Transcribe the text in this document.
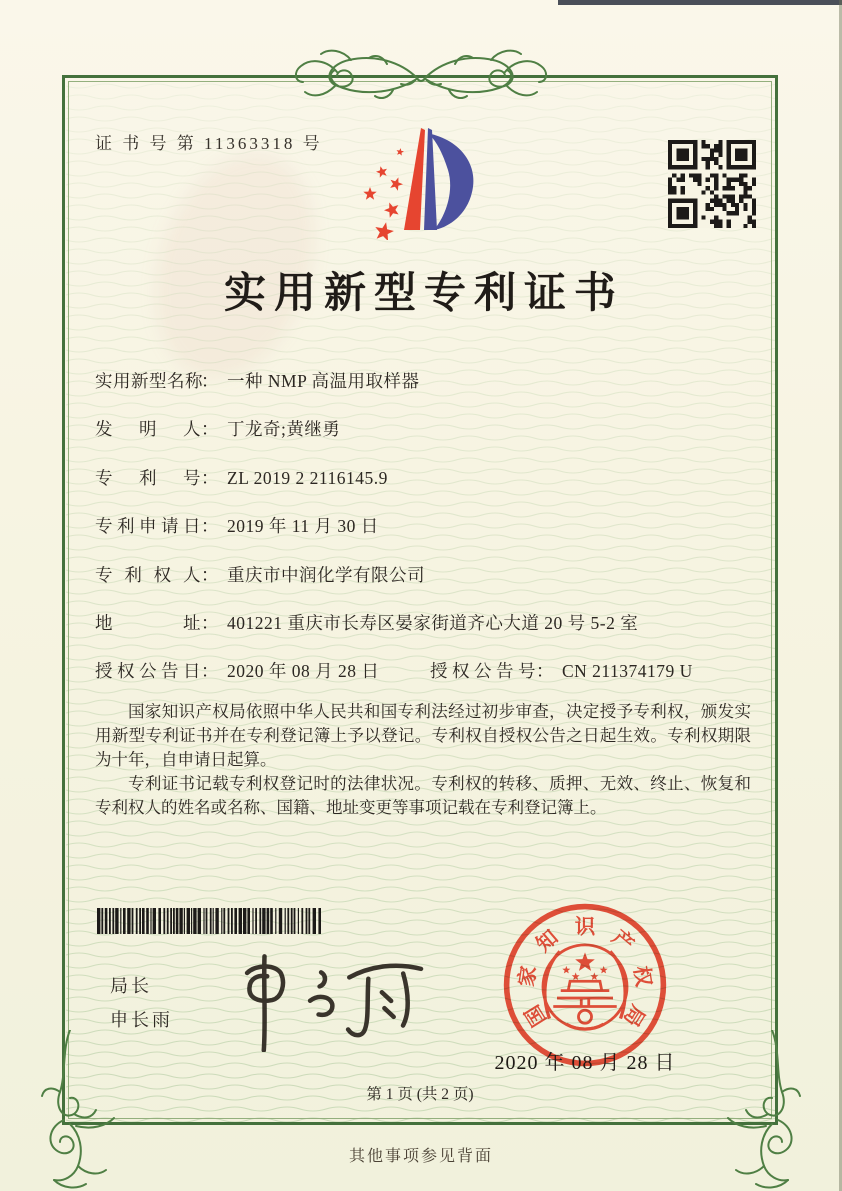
证 书 号 第 11363318 号
实用新型专利证书
实用新型名称： 一种 NMP 高温用取样器
发明人： 丁龙奇;黄继勇
专利号： ZL 2019 2 2116145.9
专利申请日： 2019 年 11 月 30 日
专利权人： 重庆市中润化学有限公司
地址： 401221 重庆市长寿区晏家街道齐心大道 20 号 5-2 室
授权公告日： 2020 年 08 月 28 日	授权公告号： CN 211374179 U

国家知识产权局依照中华人民共和国专利法经过初步审查，决定授予专利权，颁发实用新型专利证书并在专利登记簿上予以登记。专利权自授权公告之日起生效。专利权期限为十年，自申请日起算。

专利证书记载专利权登记时的法律状况。专利权的转移、质押、无效、终止、恢复和专利权人的姓名或名称、国籍、地址变更等事项记载在专利登记簿上。

局长
申长雨	国
家
知 识 产
权
局
2020 年 08 月 28 日
第 1 页 (共 2 页)
其他事项参见背面
